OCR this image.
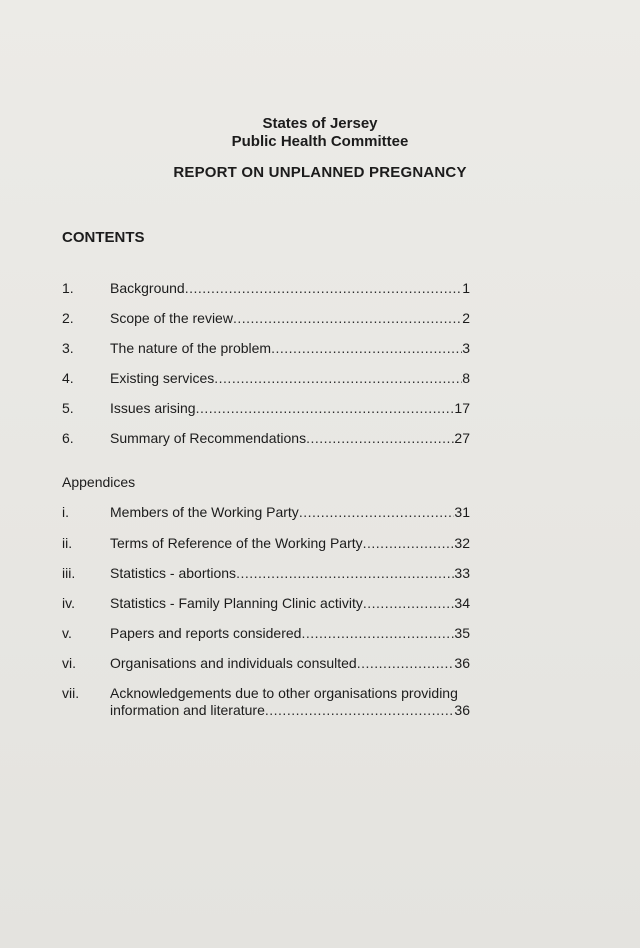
States of Jersey
Public Health Committee
REPORT ON UNPLANNED PREGNANCY
CONTENTS
1.	Background .....	1
2.	Scope of the review .....	2
3.	The nature of the problem .....	3
4.	Existing services .....	8
5.	Issues arising .....	17
6.	Summary of Recommendations .....	27
Appendices
i.	Members of the Working Party .....	31
ii.	Terms of Reference of the Working Party .....	32
iii.	Statistics - abortions .....	33
iv.	Statistics - Family Planning Clinic activity .....	34
v.	Papers and reports considered .....	35
vi.	Organisations and individuals consulted .....	36
vii.	Acknowledgements due to other organisations providing
information and literature .....	36
